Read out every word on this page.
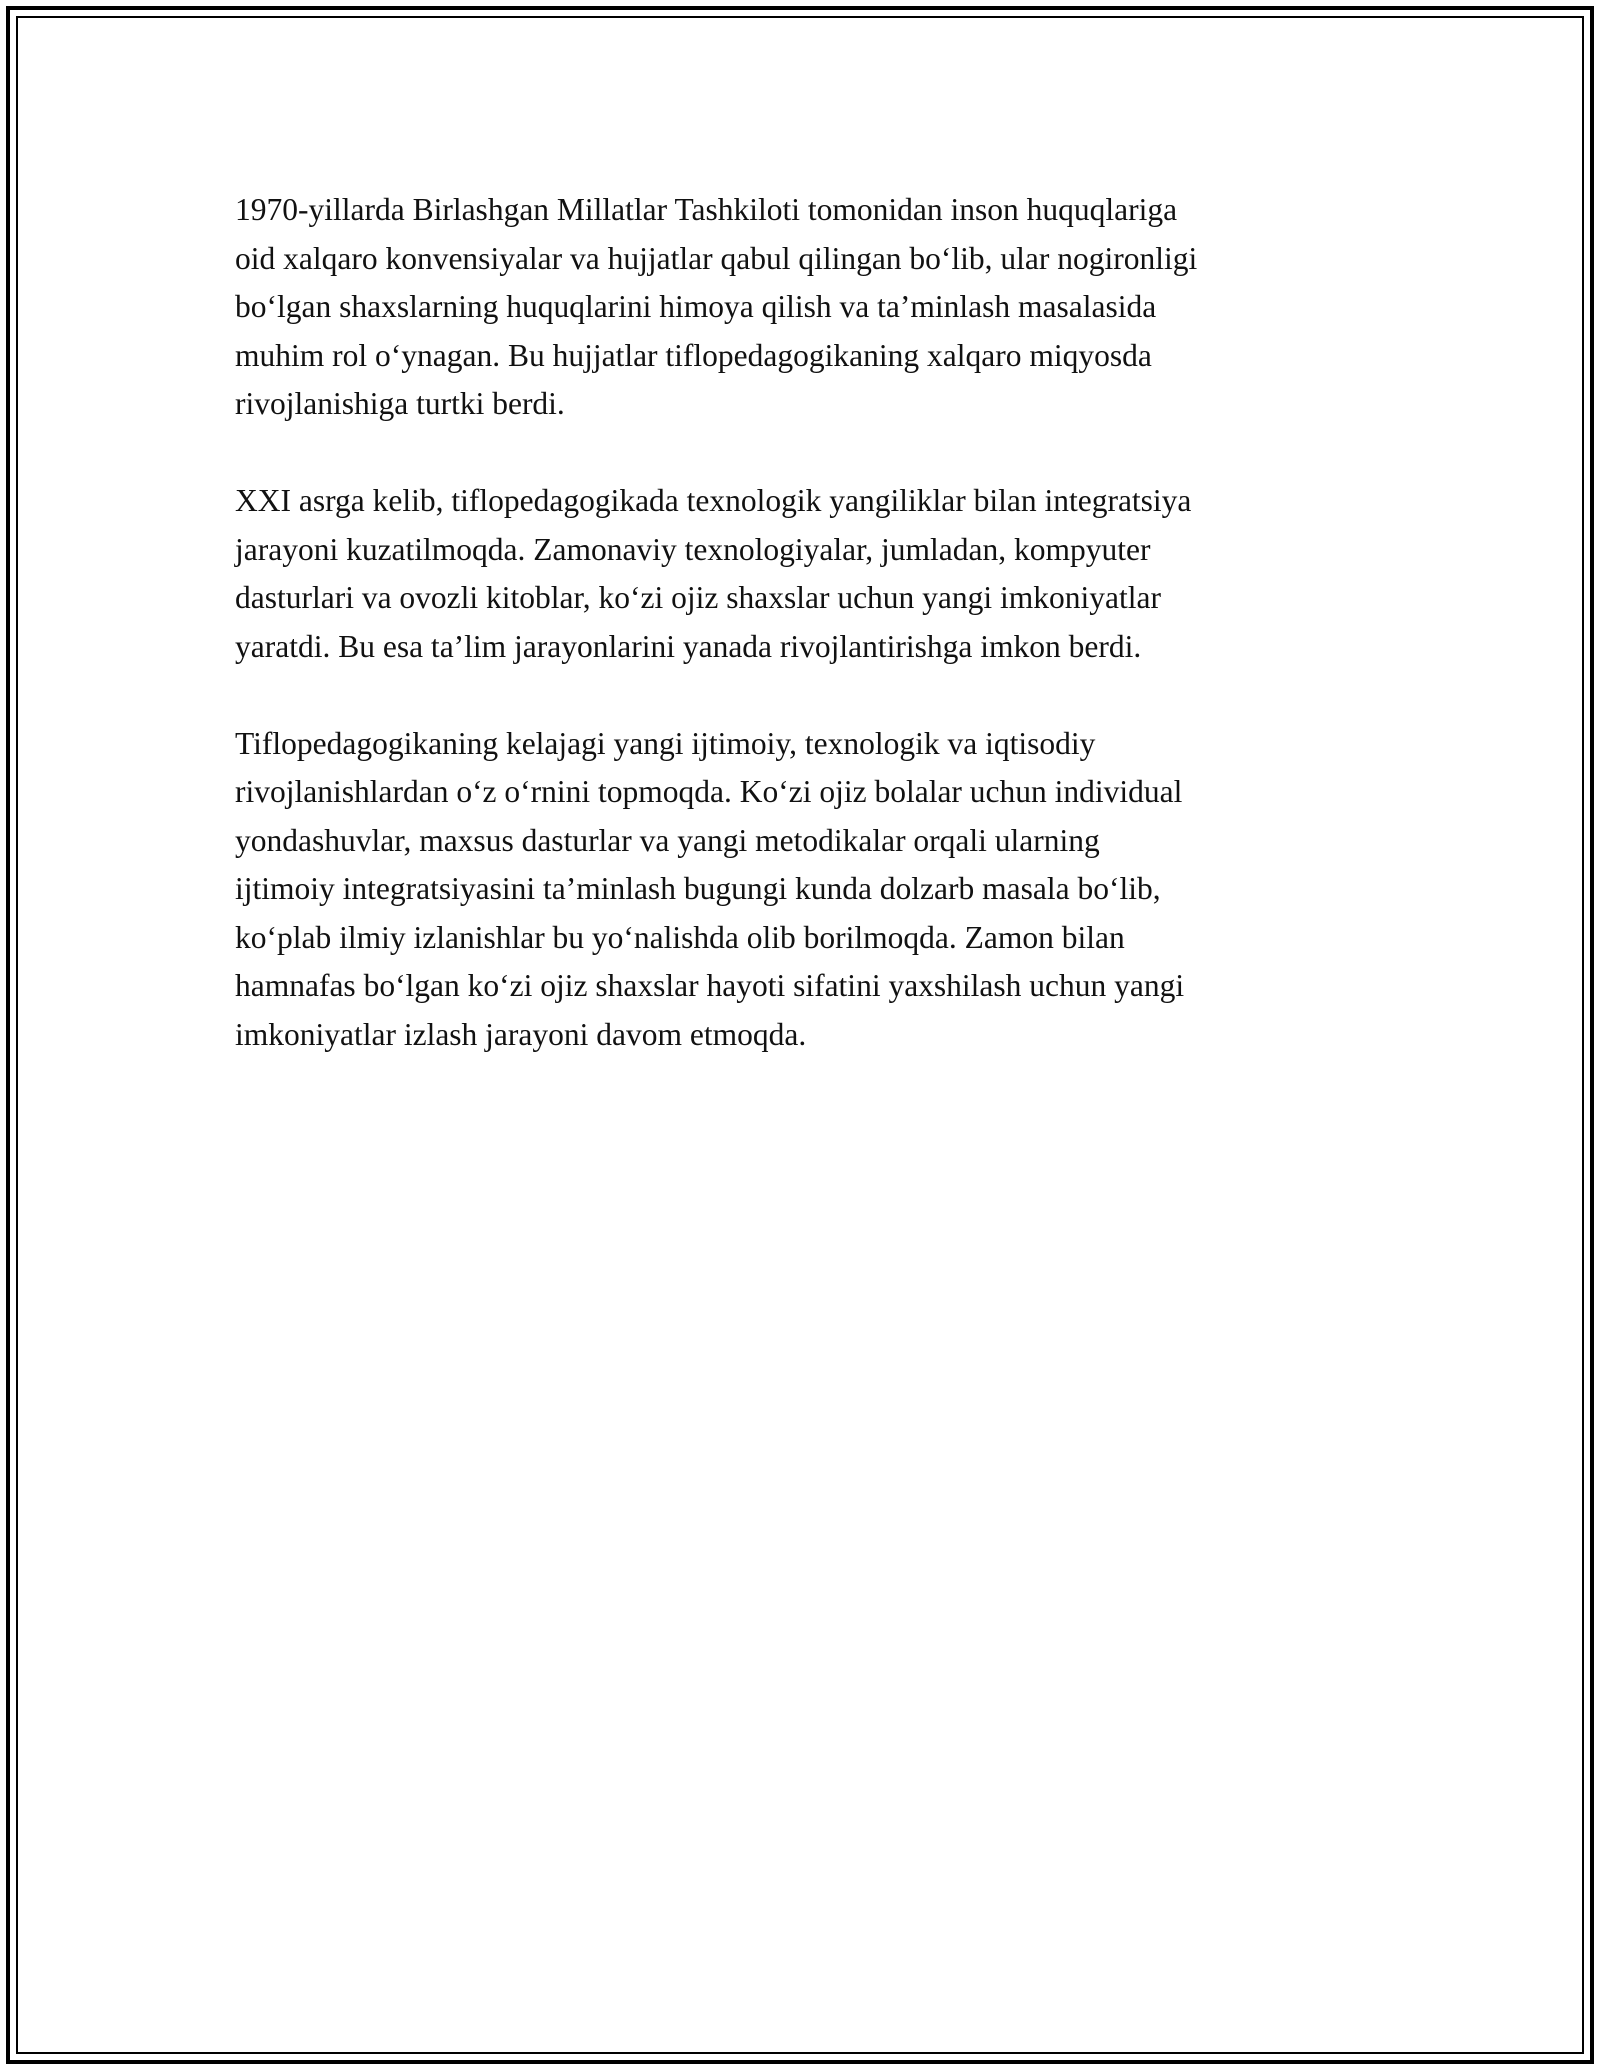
1970-yillarda Birlashgan Millatlar Tashkiloti tomonidan inson huquqlariga
oid xalqaro konvensiyalar va hujjatlar qabul qilingan bo‘lib, ular nogironligi
bo‘lgan shaxslarning huquqlarini himoya qilish va ta’minlash masalasida
muhim rol o‘ynagan. Bu hujjatlar tiflopedagogikaning xalqaro miqyosda
rivojlanishiga turtki berdi.

XXI asrga kelib, tiflopedagogikada texnologik yangiliklar bilan integratsiya
jarayoni kuzatilmoqda. Zamonaviy texnologiyalar, jumladan, kompyuter
dasturlari va ovozli kitoblar, ko‘zi ojiz shaxslar uchun yangi imkoniyatlar
yaratdi. Bu esa ta’lim jarayonlarini yanada rivojlantirishga imkon berdi.

Tiflopedagogikaning kelajagi yangi ijtimoiy, texnologik va iqtisodiy
rivojlanishlardan o‘z o‘rnini topmoqda. Ko‘zi ojiz bolalar uchun individual
yondashuvlar, maxsus dasturlar va yangi metodikalar orqali ularning
ijtimoiy integratsiyasini ta’minlash bugungi kunda dolzarb masala bo‘lib,
ko‘plab ilmiy izlanishlar bu yo‘nalishda olib borilmoqda. Zamon bilan
hamnafas bo‘lgan ko‘zi ojiz shaxslar hayoti sifatini yaxshilash uchun yangi
imkoniyatlar izlash jarayoni davom etmoqda.
